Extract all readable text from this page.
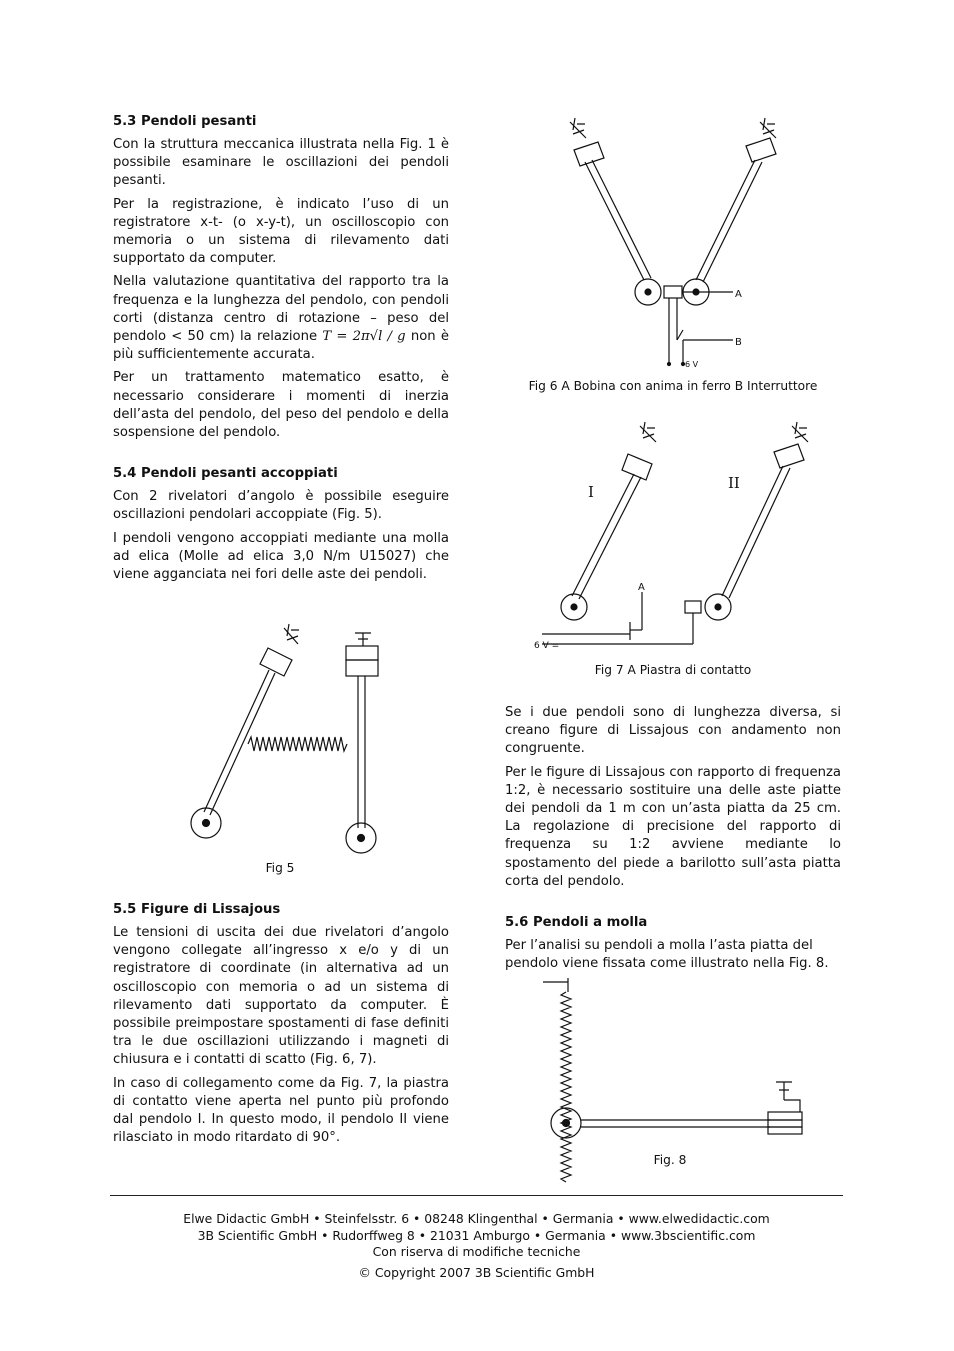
5.3 Pendoli pesanti

Con la struttura meccanica illustrata nella Fig. 1 è possibile esaminare le oscillazioni dei pendoli pesanti.

Per la registrazione, è indicato l’uso di un registratore x-t- (o x-y-t), un oscilloscopio con memoria o un sistema di rilevamento dati supportato da computer.

Nella valutazione quantitativa del rapporto tra la frequenza e la lunghezza del pendolo, con pendoli corti (distanza centro di rotazione – peso del pendolo < 50 cm) la relazione T = 2π√l / g non è più sufficientemente accurata.

Per un trattamento matematico esatto, è necessario considerare i momenti di inerzia dell’asta del pendolo, del peso del pendolo e della sospensione del pendolo.

5.4 Pendoli pesanti accoppiati

Con 2 rivelatori d’angolo è possibile eseguire oscillazioni pendolari accoppiate (Fig. 5).

I pendoli vengono accoppiati mediante una molla ad elica (Molle ad elica 3,0 N/m U15027) che viene agganciata nei fori delle aste dei pendoli.

Fig 5
5.5 Figure di Lissajous

Le tensioni di uscita dei due rivelatori d’angolo vengono collegate all’ingresso x e/o y di un registratore di coordinate (in alternativa ad un oscilloscopio con memoria o ad un sistema di rilevamento dati supportato da computer. È possibile preimpostare spostamenti di fase definiti tra le due oscillazioni utilizzando i magneti di chiusura e i contatti di scatto (Fig. 6, 7).

In caso di collegamento come da Fig. 7, la piastra di contatto viene aperta nel punto più profondo dal pendolo I. In questo modo, il pendolo II viene rilasciato in modo ritardato di 90°.

A
B
6 V
Fig 6 A Bobina con anima in ferro B Interruttore
I	II
A
6 V =
Fig 7 A Piastra di contatto

Se i due pendoli sono di lunghezza diversa, si creano figure di Lissajous con andamento non congruente.

Per le figure di Lissajous con rapporto di frequenza 1:2, è necessario sostituire una delle aste piatte dei pendoli da 1 m con un’asta piatta da 25 cm. La regolazione di precisione del rapporto di frequenza su 1:2 avviene mediante lo spostamento del piede a barilotto sull’asta piatta corta del pendolo.

5.6 Pendoli a molla

Per l’analisi su pendoli a molla l’asta piatta del pendolo viene fissata come illustrato nella Fig. 8.

Fig. 8
Elwe Didactic GmbH • Steinfelsstr. 6 • 08248 Klingenthal • Germania • www.elwedidactic.com
3B Scientific GmbH • Rudorffweg 8 • 21031 Amburgo • Germania • www.3bscientific.com
Con riserva di modifiche tecniche
© Copyright 2007 3B Scientific GmbH
